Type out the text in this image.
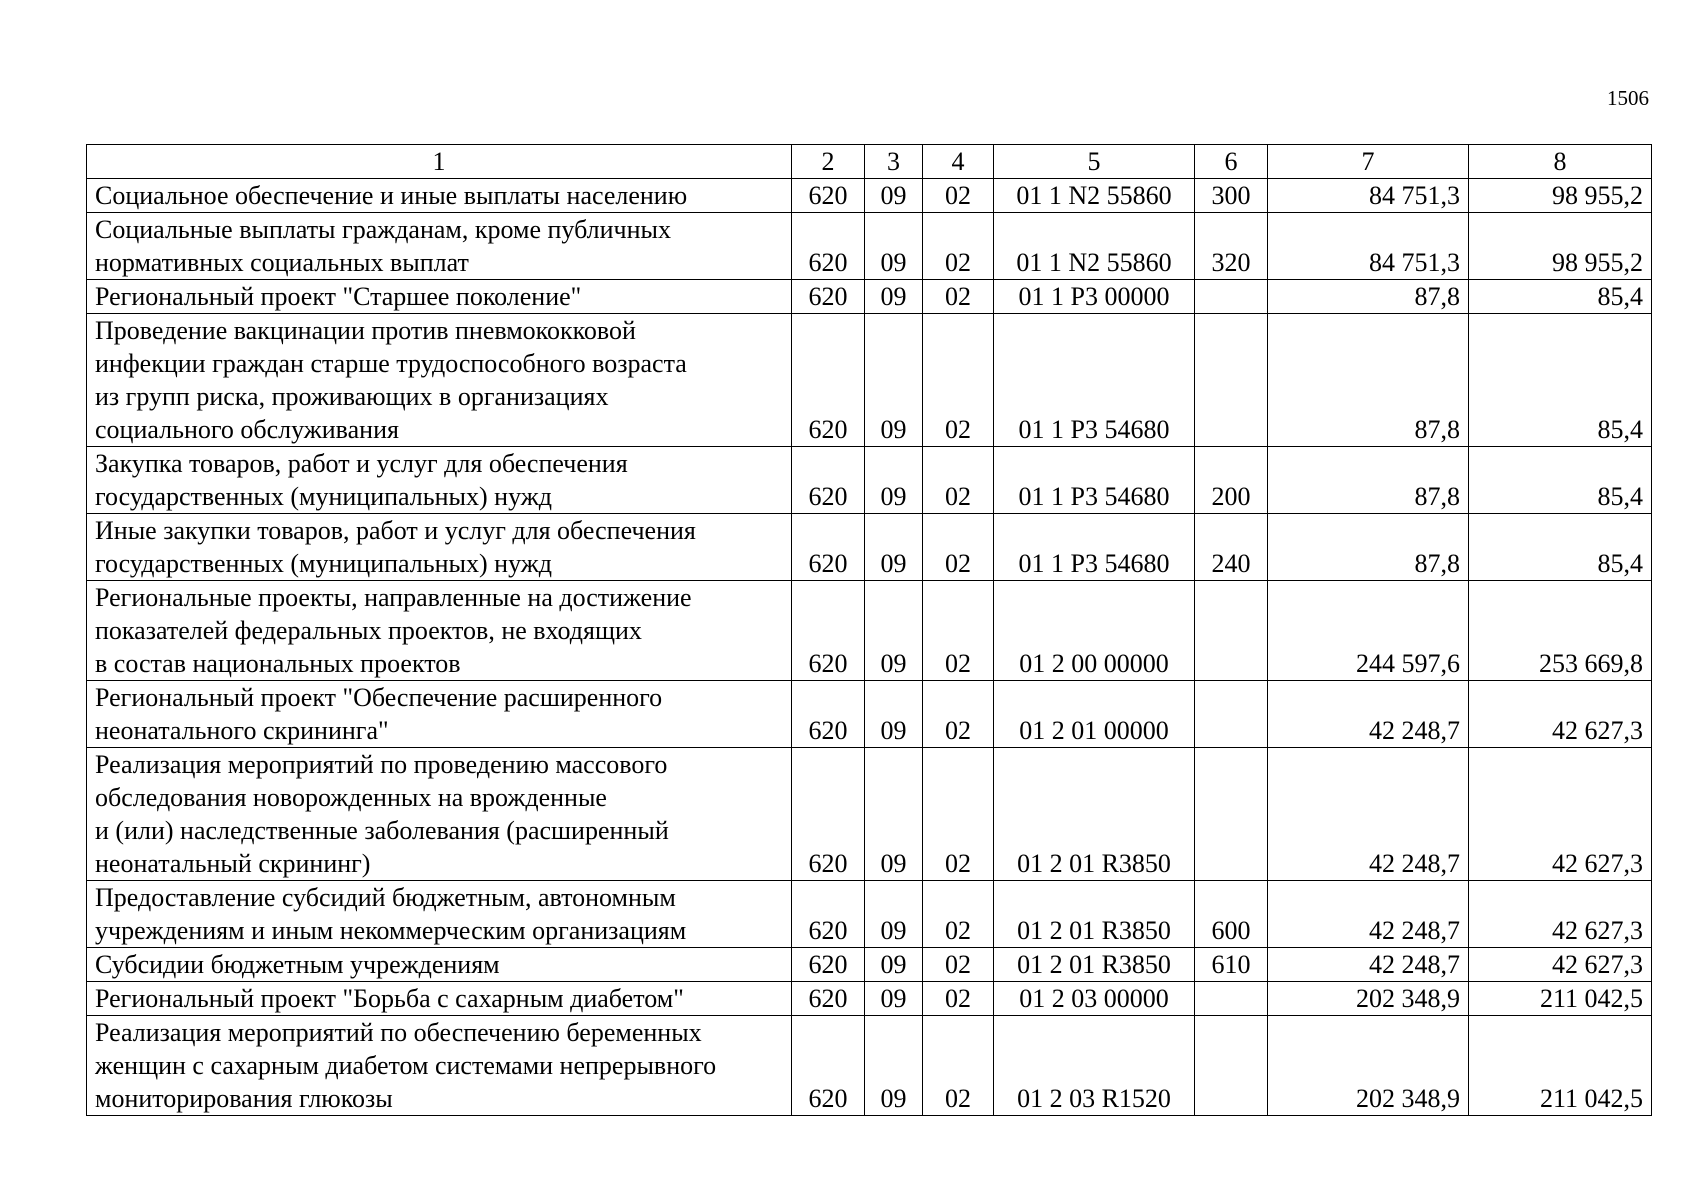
1506
1	2	3	4	5	6	7	8

Социальное обеспечение и иные выплаты населению	620	09	02	01 1 N2 55860	300	84 751,3	98 955,2

Социальные выплаты гражданам, кроме публичных
нормативных социальных выплат	620	09	02	01 1 N2 55860	320	84 751,3	98 955,2

Региональный проект "Старшее поколение"	620	09	02	01 1 P3 00000		87,8	85,4

Проведение вакцинации против пневмококковой
инфекции граждан старше трудоспособного возраста
из групп риска, проживающих в организациях
социального обслуживания	620	09	02	01 1 P3 54680		87,8	85,4

Закупка товаров, работ и услуг для обеспечения
государственных (муниципальных) нужд	620	09	02	01 1 P3 54680	200	87,8	85,4

Иные закупки товаров, работ и услуг для обеспечения
государственных (муниципальных) нужд	620	09	02	01 1 P3 54680	240	87,8	85,4

Региональные проекты, направленные на достижение
показателей федеральных проектов, не входящих
в состав национальных проектов	620	09	02	01 2 00 00000		244 597,6	253 669,8

Региональный проект "Обеспечение расширенного
неонатального скрининга"	620	09	02	01 2 01 00000		42 248,7	42 627,3

Реализация мероприятий по проведению массового
обследования новорожденных на врожденные
и (или) наследственные заболевания (расширенный
неонатальный скрининг)	620	09	02	01 2 01 R3850		42 248,7	42 627,3

Предоставление субсидий бюджетным, автономным
учреждениям и иным некоммерческим организациям	620	09	02	01 2 01 R3850	600	42 248,7	42 627,3

Субсидии бюджетным учреждениям	620	09	02	01 2 01 R3850	610	42 248,7	42 627,3

Региональный проект "Борьба с сахарным диабетом"	620	09	02	01 2 03 00000		202 348,9	211 042,5

Реализация мероприятий по обеспечению беременных
женщин с сахарным диабетом системами непрерывного
мониторирования глюкозы	620	09	02	01 2 03 R1520		202 348,9	211 042,5
